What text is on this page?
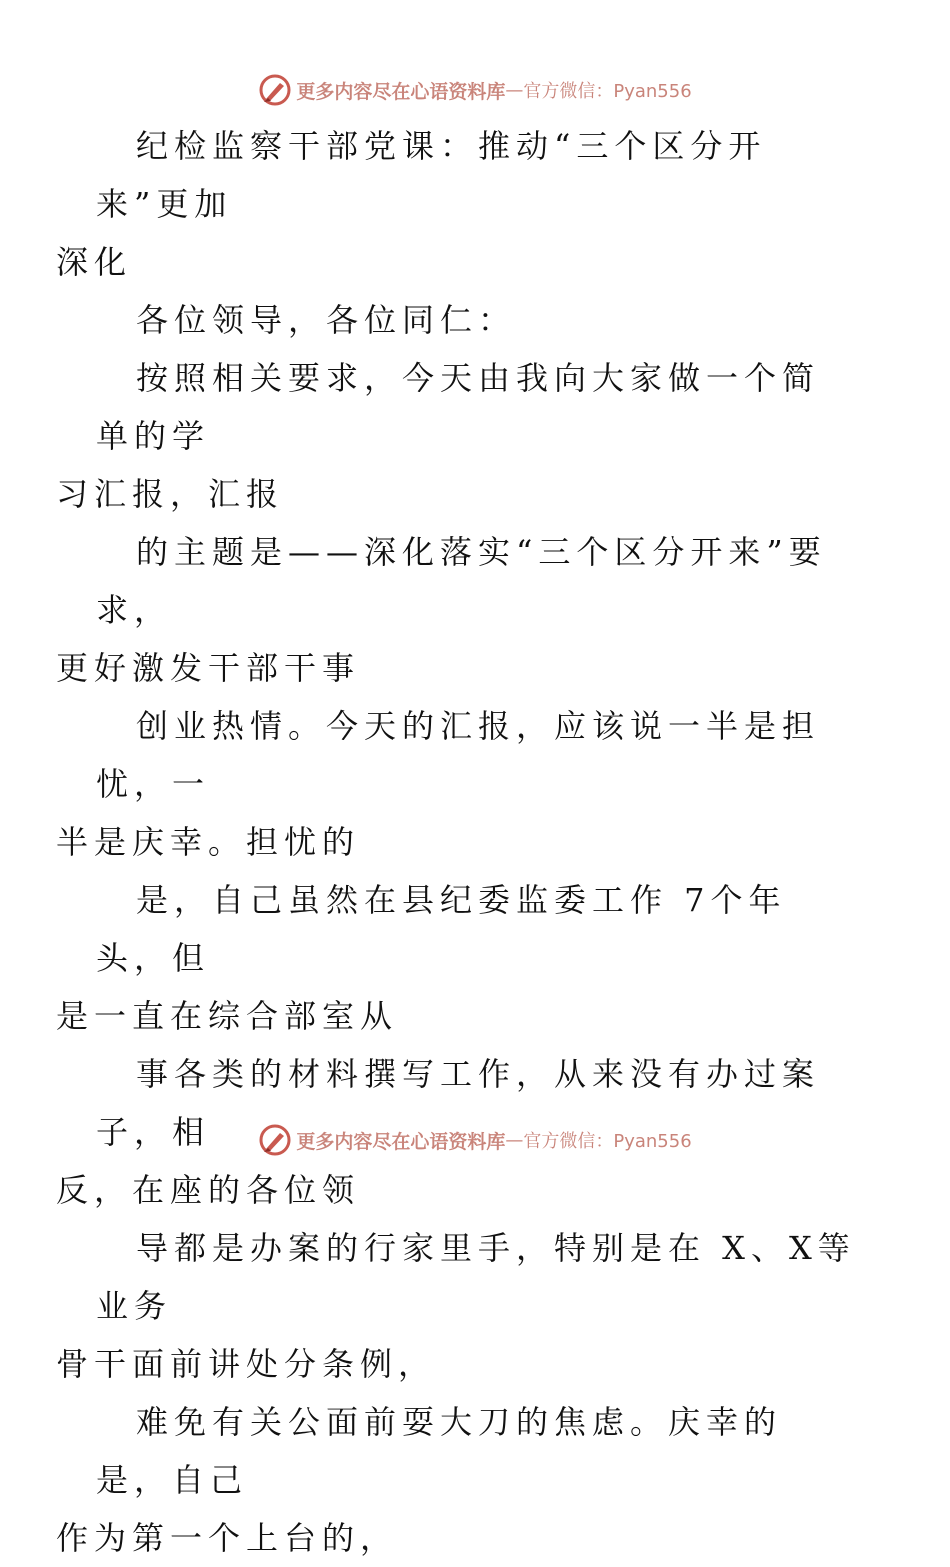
更多内容尽在心语资料库 — 官方微信：Pyan556

纪检监察干部党课：推动“三个区分开来”更加
深化

各位领导，各位同仁：

按照相关要求，今天由我向大家做一个简单的学
习汇报，汇报

的主题是——深化落实“三个区分开来”要求，
更好激发干部干事

创业热情。今天的汇报，应该说一半是担忧，一
半是庆幸。担忧的

是，自己虽然在县纪委监委工作 7个年头，但
是一直在综合部室从

事各类的材料撰写工作，从来没有办过案子，相
反，在座的各位领

导都是办案的行家里手，特别是在 X、X等业务
骨干面前讲处分条例，

难免有关公面前耍大刀的焦虑。庆幸的是，自己
作为第一个上台的，

更多内容尽在心语资料库 — 官方微信：Pyan556
